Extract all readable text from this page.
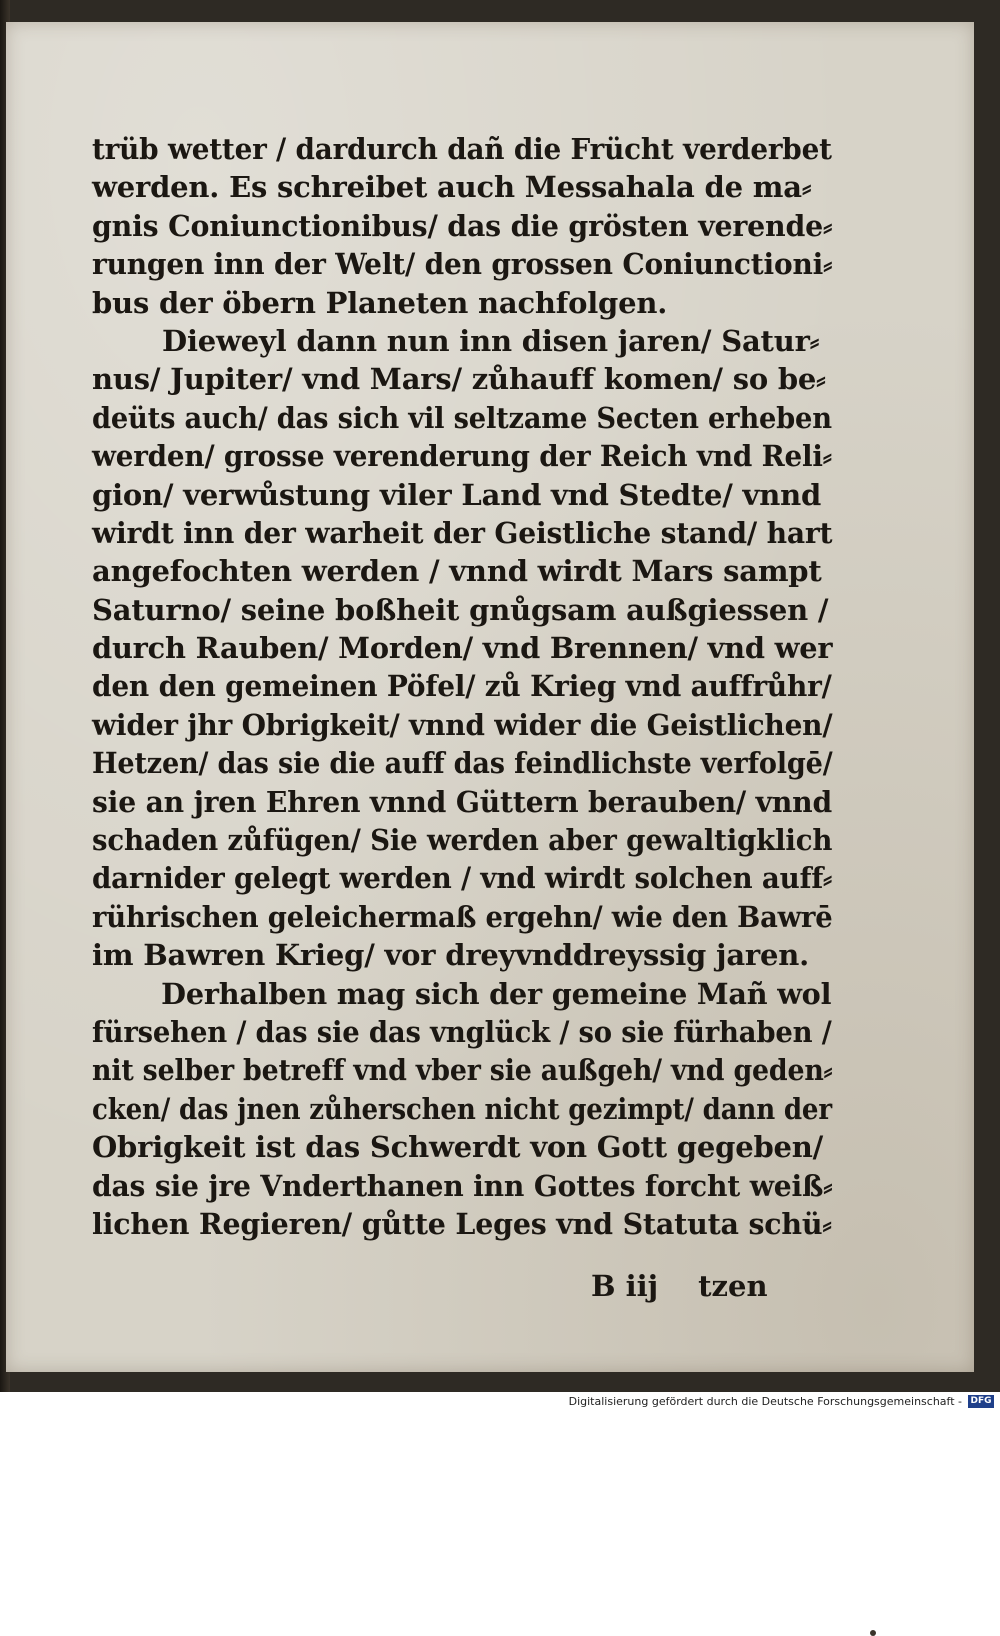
trüb wetter / dardurch dañ die Frücht verderbet
werden. Es schreibet auch Messahala de ma⸗
gnis Coniunctionibus/ das die grösten verende⸗
rungen inn der Welt/ den grossen Coniunctioni⸗
bus der öbern Planeten nachfolgen.
Dieweyl dann nun inn disen jaren/ Satur⸗
nus/ Jupiter/ vnd Mars/ zůhauff komen/ so be⸗
deüts auch/ das sich vil seltzame Secten erheben
werden/ grosse verenderung der Reich vnd Reli⸗
gion/ verwůstung viler Land vnd Stedte/ vnnd
wirdt inn der warheit der Geistliche stand/ hart
angefochten werden / vnnd wirdt Mars sampt
Saturno/ seine boßheit gnůgsam außgiessen /
durch Rauben/ Morden/ vnd Brennen/ vnd wer
den den gemeinen Pöfel/ zů Krieg vnd auffrůhr/
wider jhr Obrigkeit/ vnnd wider die Geistlichen/
Hetzen/ das sie die auff das feindlichste verfolgē/
sie an jren Ehren vnnd Güttern berauben/ vnnd
schaden zůfügen/ Sie werden aber gewaltigklich
darnider gelegt werden / vnd wirdt solchen auff⸗
rührischen geleichermaß ergehn/ wie den Bawrē
im Bawren Krieg/ vor dreyvnddreyssig jaren.
Derhalben mag sich der gemeine Mañ wol
fürsehen / das sie das vnglück / so sie fürhaben /
nit selber betreff vnd vber sie außgeh/ vnd geden⸗
cken/ das jnen zůherschen nicht gezimpt/ dann der
Obrigkeit ist das Schwerdt von Gott gegeben/
das sie jre Vnderthanen inn Gottes forcht weiß⸗
lichen Regieren/ gůtte Leges vnd Statuta schü⸗
B iij tzen
Digitalisierung gefördert durch die Deutsche Forschungsgemeinschaft - DFG
